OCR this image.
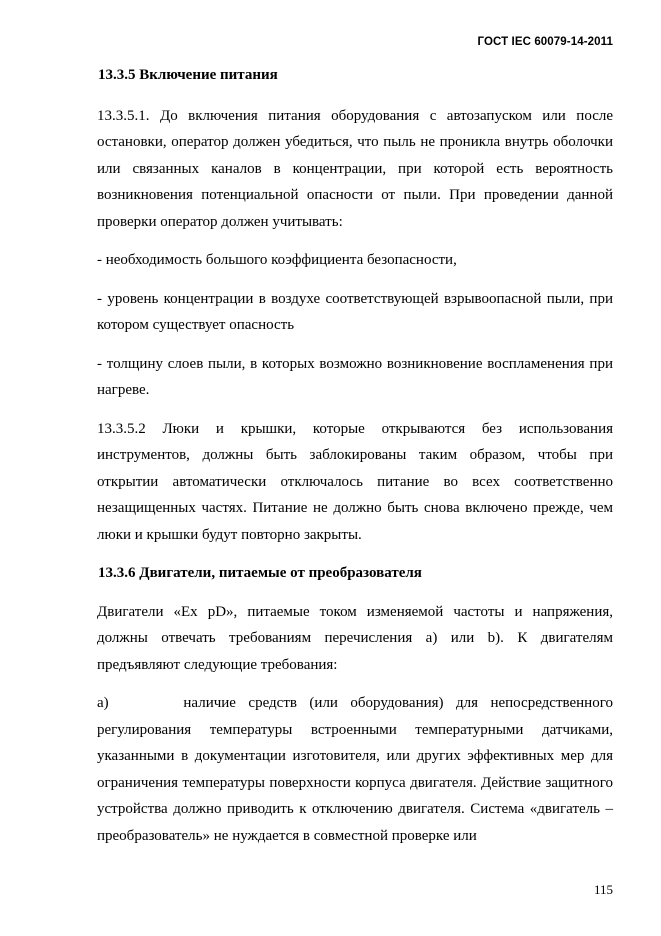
ГОСТ IEC 60079-14-2011

13.3.5 Включение питания

13.3.5.1. До включения питания оборудования с автозапуском или после остановки, оператор должен убедиться, что пыль не проникла внутрь оболочки или связанных каналов в концентрации, при которой есть вероятность возникновения потенциальной опасности от пыли. При проведении данной проверки оператор должен учитывать:

- необходимость большого коэффициента безопасности,

- уровень концентрации в воздухе соответствующей взрывоопасной пыли, при котором существует опасность

- толщину слоев пыли, в которых возможно возникновение воспламенения при нагреве.

13.3.5.2 Люки и крышки, которые открываются без использования инструментов, должны быть заблокированы таким образом, чтобы при открытии автоматически отключалось питание во всех соответственно незащищенных частях. Питание не должно быть снова включено прежде, чем люки и крышки будут повторно закрыты.

13.3.6 Двигатели, питаемые от преобразователя

Двигатели «Ex pD», питаемые током изменяемой частоты и напряжения, должны отвечать требованиям перечисления а) или b). К двигателям предъявляют следующие требования:

а)      наличие средств (или оборудования) для непосредственного регулирования температуры встроенными температурными датчиками, указанными в документации изготовителя, или других эффективных мер для ограничения температуры поверхности корпуса двигателя. Действие защитного устройства должно приводить к отключению двигателя. Система «двигатель – преобразователь» не нуждается в совместной проверке или

115
